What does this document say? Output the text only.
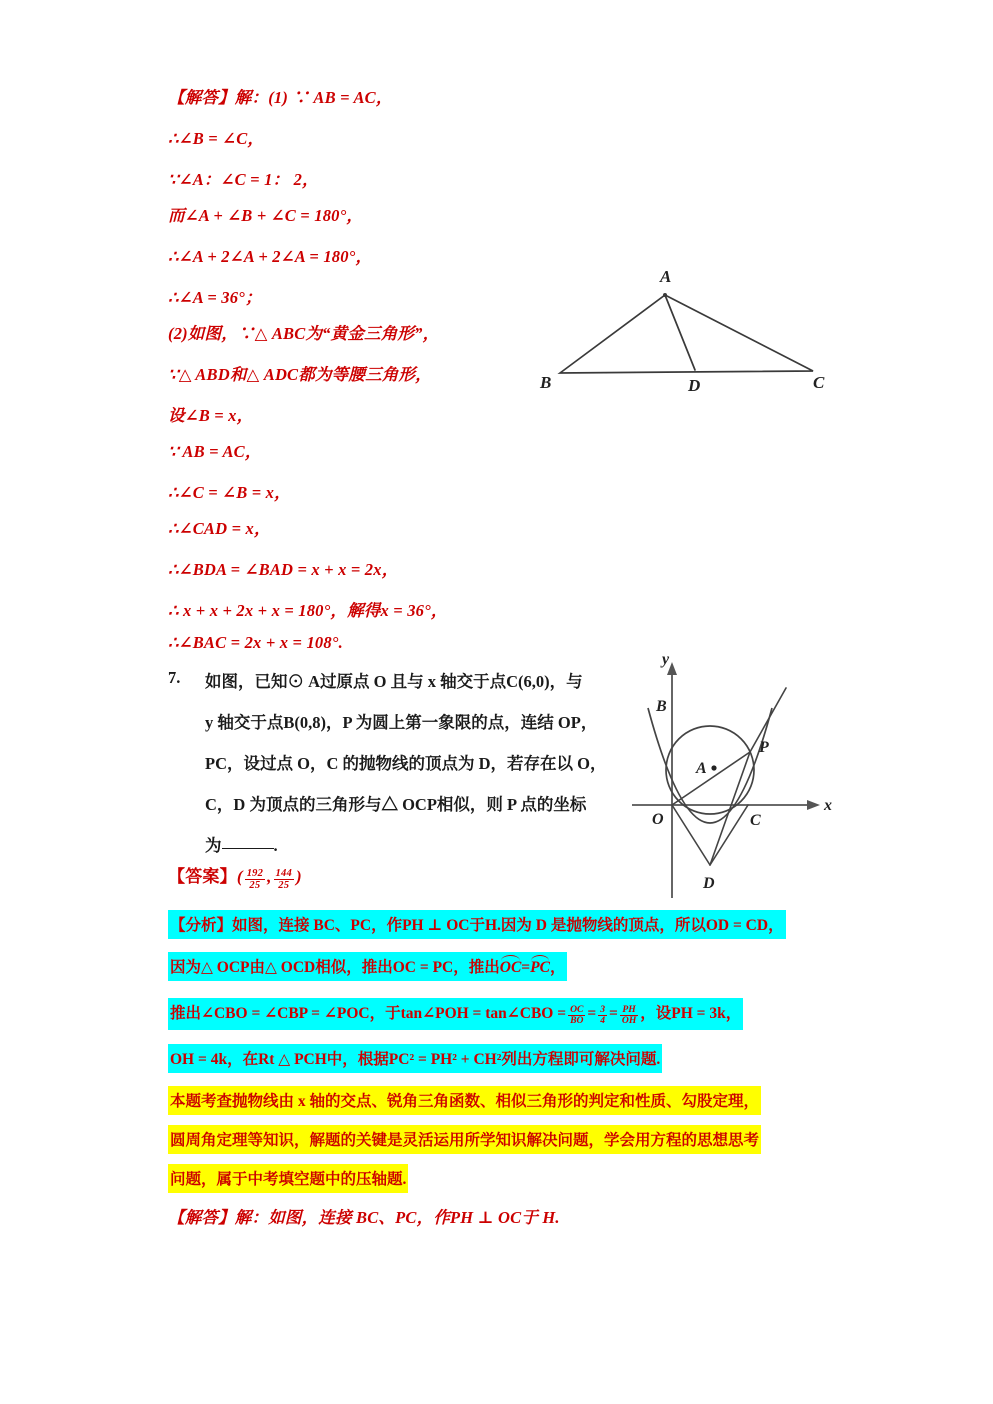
【解答】解：(1) ∵ AB = AC，
∴∠B = ∠C，
∵∠A：∠C = 1： 2，
而∠A + ∠B + ∠C = 180°，
∴∠A + 2∠A + 2∠A = 180°，
∴∠A = 36°；
(2)如图，∵△ ABC为“黄金三角形”，
∵△ ABD和△ ADC都为等腰三角形，
设∠B = x，
∵ AB = AC，
∴∠C = ∠B = x，
∴∠CAD = x，
∴∠BDA = ∠BAD = x + x = 2x，
∴ x + x + 2x + x = 180°，解得x = 36°，
∴∠BAC = 2x + x = 108°.
A
B	D	C
7. 如图，已知⊙ A过原点 O 且与 x 轴交于点C(6,0)，与
y 轴交于点B(0,8)，P 为圆上第一象限的点，连结 OP，
PC，设过点 O，C 的抛物线的顶点为 D，若存在以 O，
C，D 为顶点的三角形与△ OCP相似，则 P 点的坐标
为	.
y
x
A
B
P
O	C
D
【答案】( $\frac{192}{25}$ , $\frac{144}{25}$ )
【分析】如图，连接 BC、PC，作PH ⊥ OC于H.因为 D 是抛物线的顶点，所以OD = CD，
因为△ OCP由△ OCD相似，推出OC = PC，推出OC=PC，
推出∠CBO = ∠CBP = ∠POC，于tan∠POH = tan∠CBO = $\frac{OC}{BO} = \frac{3}{4} = \frac{PH}{OH}$ ，设PH = 3k，
OH = 4k，在Rt △ PCH中，根据PC² = PH² + CH²列出方程即可解决问题.
本题考查抛物线由 x 轴的交点、锐角三角函数、相似三角形的判定和性质、勾股定理，
圆周角定理等知识，解题的关键是灵活运用所学知识解决问题，学会用方程的思想思考
问题，属于中考填空题中的压轴题.
【解答】解：如图，连接 BC、PC，作PH ⊥ OC于 H.
